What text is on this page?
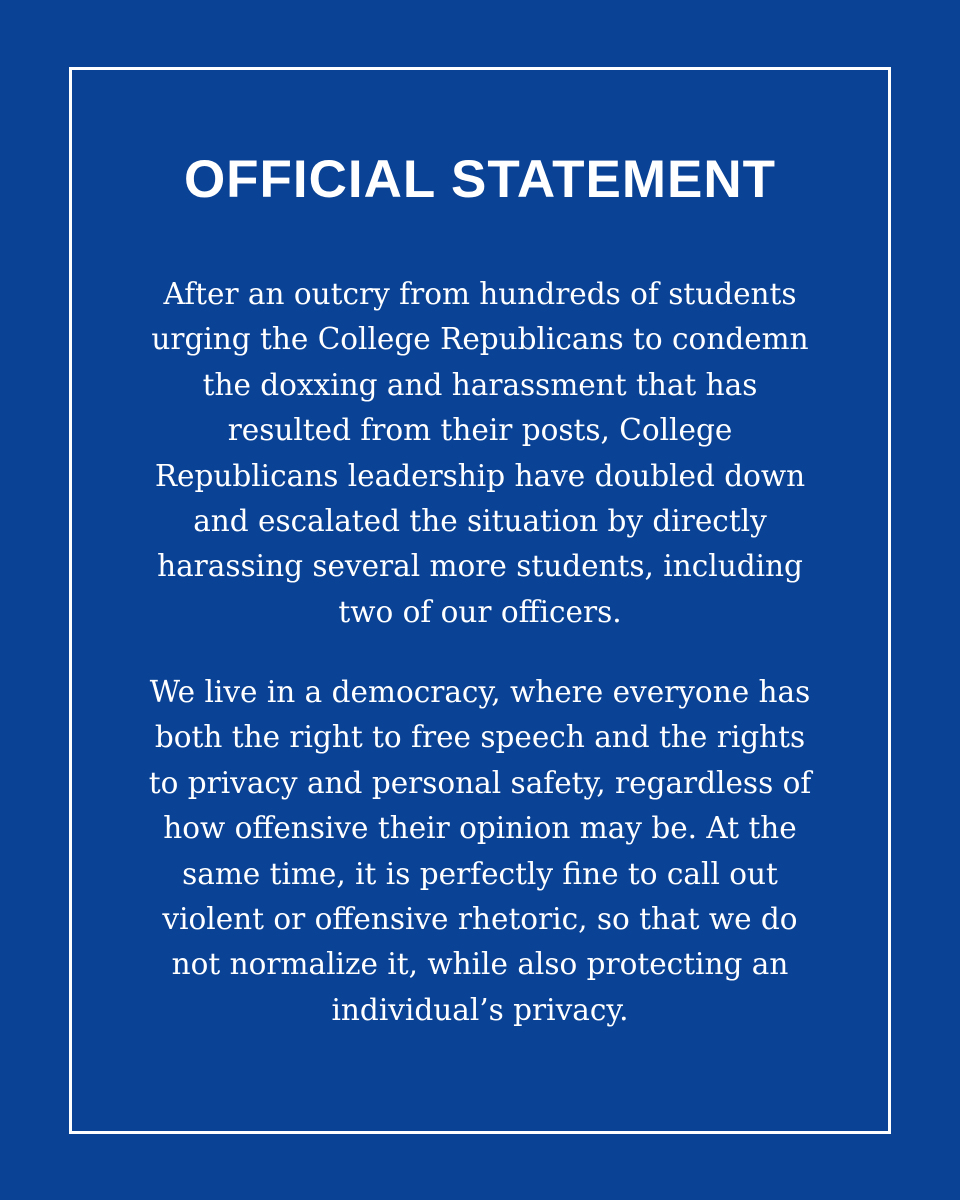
OFFICIAL STATEMENT

After an outcry from hundreds of students
urging the College Republicans to condemn
the doxxing and harassment that has
resulted from their posts, College
Republicans leadership have doubled down
and escalated the situation by directly
harassing several more students, including
two of our officers.

We live in a democracy, where everyone has
both the right to free speech and the rights
to privacy and personal safety, regardless of
how offensive their opinion may be. At the
same time, it is perfectly fine to call out
violent or offensive rhetoric, so that we do
not normalize it, while also protecting an
individual’s privacy.
